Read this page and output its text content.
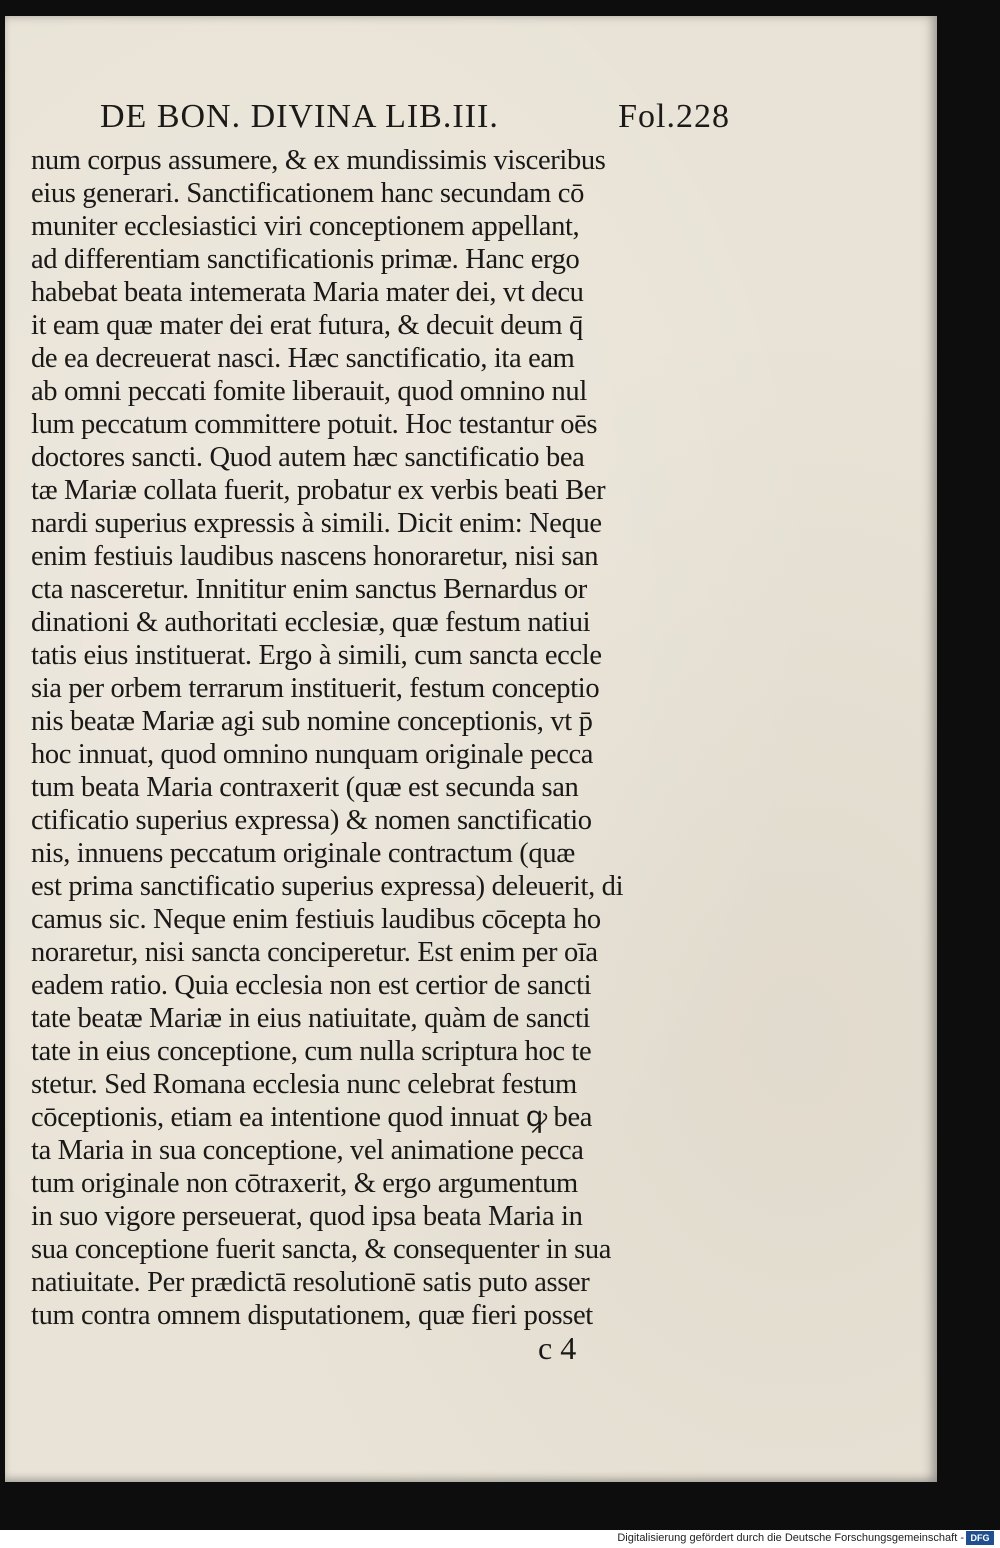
DE BON. DIVINA LIB.III.	Fol.228
num corpus assumere, & ex mundissimis visceribus
eius generari. Sanctificationem hanc secundam cō
muniter ecclesiastici viri conceptionem appellant,
ad differentiam sanctificationis primæ. Hanc ergo
habebat beata intemerata Maria mater dei, vt decu
it eam quæ mater dei erat futura, & decuit deum q̄
de ea decreuerat nasci. Hæc sanctificatio, ita eam
ab omni peccati fomite liberauit, quod omnino nul
lum peccatum committere potuit. Hoc testantur oēs
doctores sancti. Quod autem hæc sanctificatio bea
tæ Mariæ collata fuerit, probatur ex verbis beati Ber
nardi superius expressis à simili. Dicit enim: Neque
enim festiuis laudibus nascens honoraretur, nisi san
cta nasceretur. Innititur enim sanctus Bernardus or
dinationi & authoritati ecclesiæ, quæ festum natiui
tatis eius instituerat. Ergo à simili, cum sancta eccle
sia per orbem terrarum instituerit, festum conceptio
nis beatæ Mariæ agi sub nomine conceptionis, vt p̄
hoc innuat, quod omnino nunquam originale pecca
tum beata Maria contraxerit (quæ est secunda san
ctificatio superius expressa) & nomen sanctificatio
nis, innuens peccatum originale contractum (quæ
est prima sanctificatio superius expressa) deleuerit, di
camus sic. Neque enim festiuis laudibus cōcepta ho
noraretur, nisi sancta conciperetur. Est enim per oīa
eadem ratio. Quia ecclesia non est certior de sancti
tate beatæ Mariæ in eius natiuitate, quàm de sancti
tate in eius conceptione, cum nulla scriptura hoc te
stetur. Sed Romana ecclesia nunc celebrat festum
cōceptionis, etiam ea intentione quod innuat ꝙ bea
ta Maria in sua conceptione, vel animatione pecca
tum originale non cōtraxerit, & ergo argumentum
in suo vigore perseuerat, quod ipsa beata Maria in
sua conceptione fuerit sancta, & consequenter in sua
natiuitate. Per prædictā resolutionē satis puto asser
tum contra omnem disputationem, quæ fieri posset
c 4
Digitalisierung gefördert durch die Deutsche Forschungsgemeinschaft - DFG
